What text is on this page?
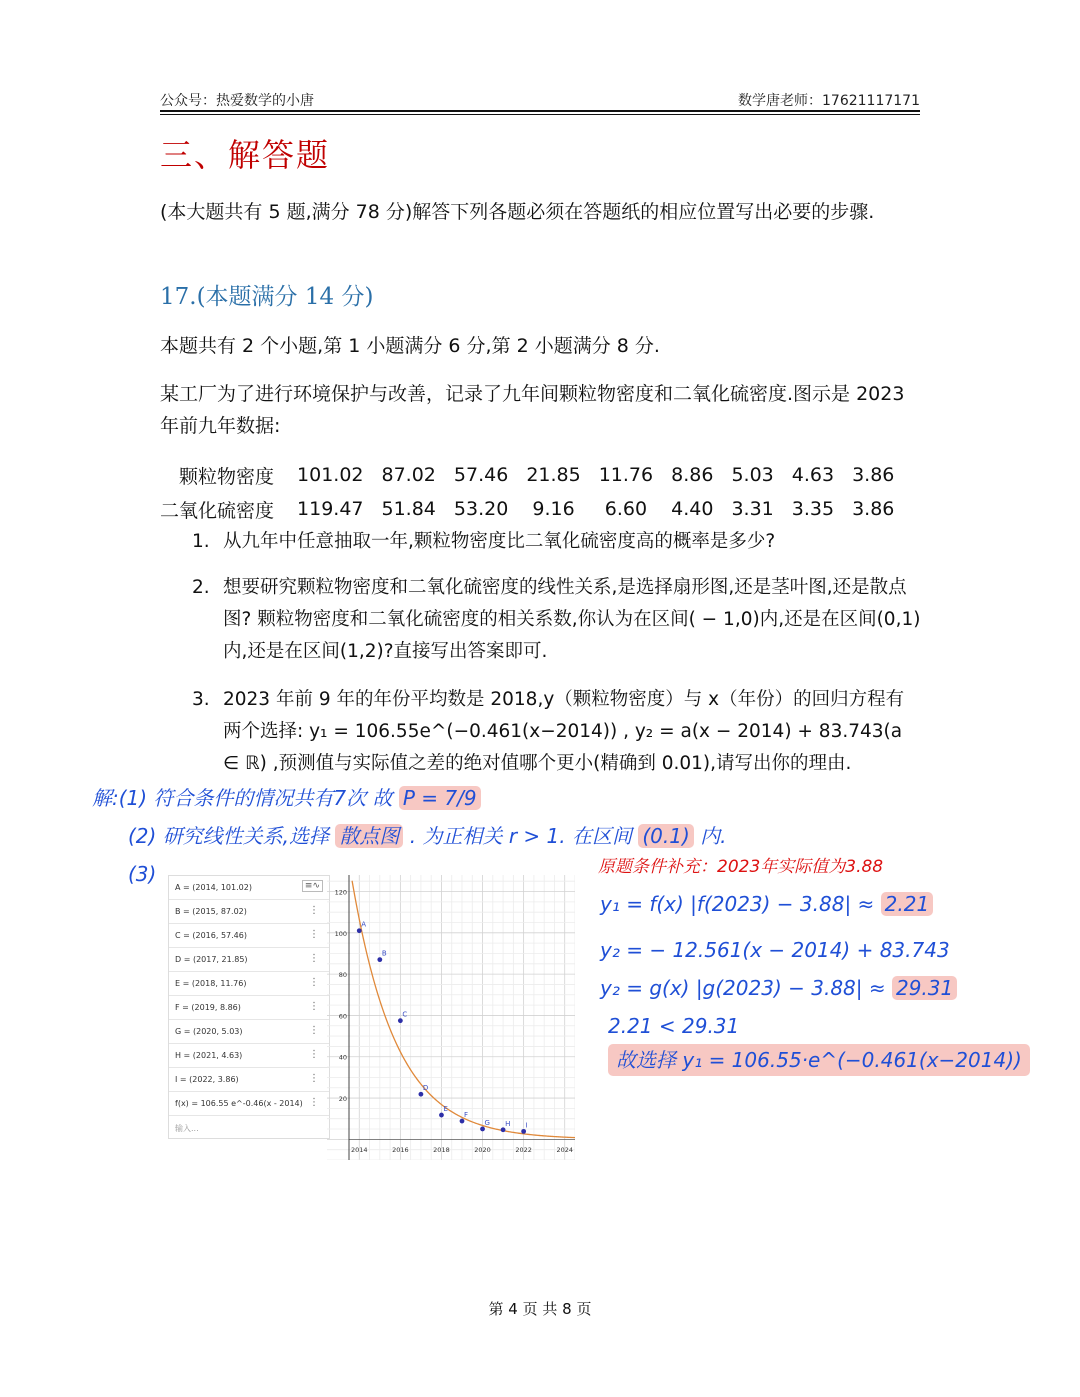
公众号：热爱数学的小唐	数学唐老师：17621117171
三、解答题
(本大题共有 5 题,满分 78 分)解答下列各题必须在答题纸的相应位置写出必要的步骤.
17.(本题满分 14 分)
本题共有 2 个小题,第 1 小题满分 6 分,第 2 小题满分 8 分.
某工厂为了进行环境保护与改善，记录了九年间颗粒物密度和二氧化硫密度.图示是 2023 年前九年数据:
颗粒物密度	101.02	87.02	57.46	21.85	11.76	8.86	5.03	4.63	3.86
二氧化硫密度	119.47	51.84	53.20	9.16	6.60	4.40	3.31	3.35	3.86
1. 从九年中任意抽取一年,颗粒物密度比二氧化硫密度高的概率是多少?
2. 想要研究颗粒物密度和二氧化硫密度的线性关系,是选择扇形图,还是茎叶图,还是散点图? 颗粒物密度和二氧化硫密度的相关系数,你认为在区间( − 1,0)内,还是在区间(0,1)内,还是在区间(1,2)?直接写出答案即可.
3. 2023 年前 9 年的年份平均数是 2018,y（颗粒物密度）与 x（年份）的回归方程有两个选择: y₁ = 106.55e^(−0.461(x−2014)) , y₂ = a(x − 2014) + 83.743(a ∈ ℝ) ,预测值与实际值之差的绝对值哪个更小(精确到 0.01),请写出你的理由.
解:(1) 符合条件的情况共有7次 故 P = 7/9
(2) 研究线性关系,选择 散点图 . 为正相关 r > 1. 在区间 (0.1) 内.
(3)	原题条件补充：2023年实际值为3.88
y₁ = f(x) |f(2023) − 3.88| ≈ 2.21
y₂ = − 12.561(x − 2014) + 83.743
y₂ = g(x) |g(2023) − 3.88| ≈ 29.31
2.21 < 29.31
故选择 y₁ = 106.55·e^(−0.461(x−2014))
≡∿
A = (2014, 101.02)
B = (2015, 87.02)	⋮
C = (2016, 57.46)	⋮
D = (2017, 21.85)	⋮
E = (2018, 11.76)	⋮
F = (2019, 8.86)	⋮
G = (2020, 5.03)	⋮
H = (2021, 4.63)	⋮
I = (2022, 3.86)	⋮
f(x) = 106.55 e^-0.46(x - 2014) ⋮
输入...
20
40
60
80
100
120
2014	2016	2018	2020	2022	2024
A
B
C
D
E
F
G H I
第 4 页 共 8 页
